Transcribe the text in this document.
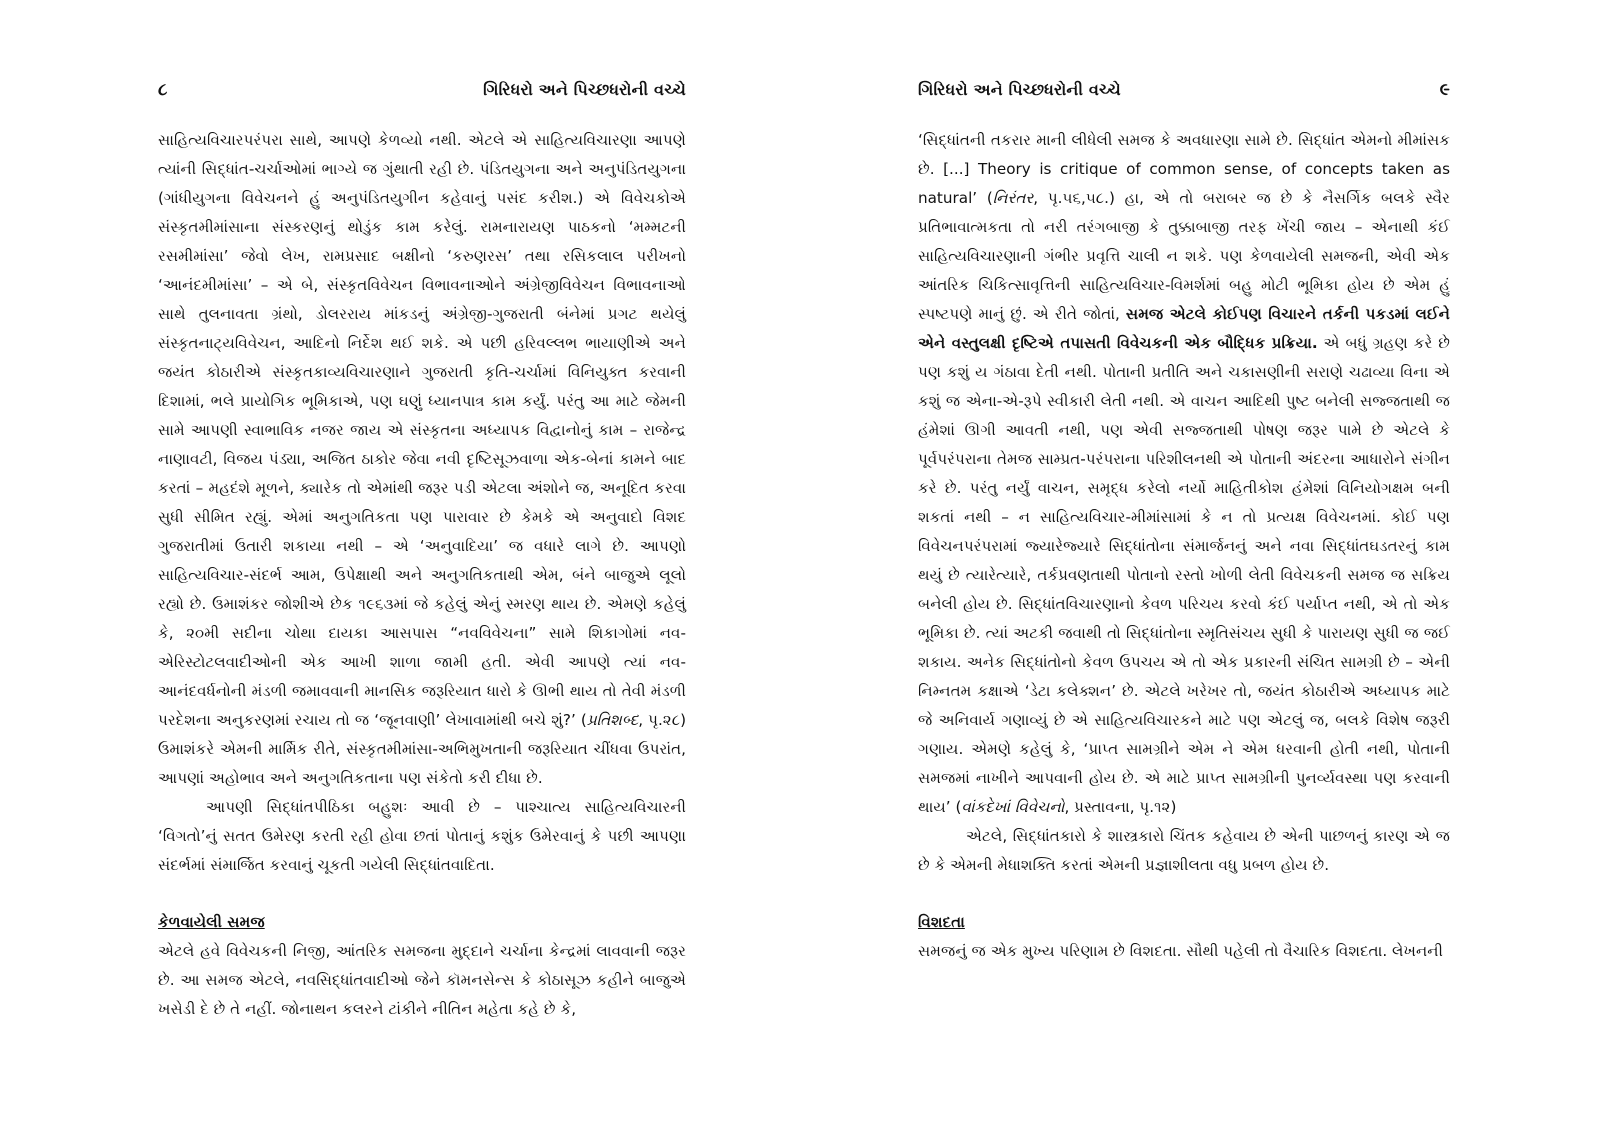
૮	ગિરિધરો અને પિચ્છધરોની વચ્ચે

સાહિત્યવિચારપરંપરા સાથે, આપણે કેળવ્યો નથી. એટલે એ સાહિત્યવિચારણા આપણે ત્યાંની સિદ્ધાંત-ચર્ચાઓમાં ભાગ્યે જ ગુંથાતી રહી છે. પંડિતયુગના અને અનુપંડિતયુગના (ગાંધીયુગના વિવેચનને હું અનુપંડિતયુગીન કહેવાનું પસંદ કરીશ.) એ વિવેચકોએ સંસ્કૃતમીમાંસાના સંસ્કરણનું થોડુંક કામ કરેલું. રામનારાયણ પાઠકનો ‘મમ્મટની રસમીમાંસા’ જેવો લેખ, રામપ્રસાદ બક્ષીનો ‘કરુણરસ’ તથા રસિકલાલ પરીખનો ‘આનંદમીમાંસા’ – એ બે, સંસ્કૃતવિવેચન વિભાવનાઓને અંગ્રેજીવિવેચન વિભાવનાઓ સાથે તુલનાવતા ગ્રંથો, ડોલરરાય માંકડનું અંગ્રેજી-ગુજરાતી બંનેમાં પ્રગટ થયેલું સંસ્કૃતનાટ્યવિવેચન, આદિનો નિર્દેશ થઈ શકે. એ પછી હરિવલ્લભ ભાયાણીએ અને જયંત કોઠારીએ સંસ્કૃતકાવ્યવિચારણાને ગુજરાતી કૃતિ-ચર્ચામાં વિનિયુક્ત કરવાની દિશામાં, ભલે પ્રાયોગિક ભૂમિકાએ, પણ ઘણું ધ્યાનપાત્ર કામ કર્યું. પરંતુ આ માટે જેમની સામે આપણી સ્વાભાવિક નજર જાય એ સંસ્કૃતના અધ્યાપક વિદ્વાનોનું કામ – રાજેન્દ્ર નાણાવટી, વિજય પંડ્યા, અજિત ઠાકોર જેવા નવી દૃષ્ટિસૂઝવાળા એક-બેનાં કામને બાદ કરતાં – મહદંશે મૂળને, ક્યારેક તો એમાંથી જરૂર પડી એટલા અંશોને જ, અનૂદિત કરવા સુધી સીમિત રહ્યું. એમાં અનુગતિકતા પણ પારાવાર છે કેમકે એ અનુવાદો વિશદ ગુજરાતીમાં ઉતારી શકાયા નથી – એ ‘અનુવાદિયા’ જ વધારે લાગે છે. આપણો સાહિત્યવિચાર-સંદર્ભ આમ, ઉપેક્ષાથી અને અનુગતિકતાથી એમ, બંને બાજુએ લૂલો રહ્યો છે. ઉમાશંકર જોશીએ છેક ૧૯૬૩માં જે કહેલું એનું સ્મરણ થાય છે. એમણે કહેલું કે, ૨૦મી સદીના ચોથા દાયકા આસપાસ “નવવિવેચના” સામે શિકાગોમાં નવ-એરિસ્ટોટલવાદીઓની એક આખી શાળા જામી હતી. એવી આપણે ત્યાં નવ-આનંદવર્ધનોની મંડળી જમાવવાની માનસિક જરૂરિયાત ધારો કે ઊભી થાય તો તેવી મંડળી પરદેશના અનુકરણમાં રચાય તો જ ‘જૂનવાણી’ લેખાવામાંથી બચે શું?’ (પ્રતિશબ્દ, પૃ.૨૮) ઉમાશંકરે એમની માર્મિક રીતે, સંસ્કૃતમીમાંસા-અભિમુખતાની જરૂરિયાત ચીંધવા ઉપરાંત, આપણાં અહોભાવ અને અનુગતિકતાના પણ સંકેતો કરી દીધા છે.

આપણી સિદ્ધાંતપીઠિકા બહુશઃ આવી છે – પાશ્ચાત્ય સાહિત્યવિચારની ‘વિગતો’નું સતત ઉમેરણ કરતી રહી હોવા છતાં પોતાનું કશુંક ઉમેરવાનું કે પછી આપણા સંદર્ભમાં સંમાર્જિત કરવાનું ચૂકતી ગયેલી સિદ્ધાંતવાદિતા.

કેળવાયેલી સમજ

એટલે હવે વિવેચકની નિજી, આંતરિક સમજના મુદ્દાને ચર્ચાના કેન્દ્રમાં લાવવાની જરૂર છે. આ સમજ એટલે, નવસિદ્ધાંતવાદીઓ જેને કૉમનસેન્સ કે કોઠાસૂઝ કહીને બાજુએ ખસેડી દે છે તે નહીં. જોનાથન કલરને ટાંકીને નીતિન મહેતા કહે છે કે,

ગિરિધરો અને પિચ્છધરોની વચ્ચે	૯

‘સિદ્ધાંતની તકરાર માની લીધેલી સમજ કે અવધારણા સામે છે. સિદ્ધાંત એમનો મીમાંસક છે. [...] Theory is critique of common sense, of concepts taken as natural’ (નિરંતર, પૃ.૫૬,૫૮.) હા, એ તો બરાબર જ છે કે નૈસર્ગિક બલકે સ્વૈર પ્રતિભાવાત્મકતા તો નરી તરંગબાજી કે તુક્કાબાજી તરફ ખેંચી જાય – એનાથી કંઈ સાહિત્યવિચારણાની ગંભીર પ્રવૃત્તિ ચાલી ન શકે. પણ કેળવાયેલી સમજની, એવી એક આંતરિક ચિકિત્સાવૃત્તિની સાહિત્યવિચાર-વિમર્શમાં બહુ મોટી ભૂમિકા હોય છે એમ હું સ્પષ્ટપણે માનું છું. એ રીતે જોતાં, સમજ એટલે કોઈપણ વિચારને તર્કની પકડમાં લઈને એને વસ્તુલક્ષી દૃષ્ટિએ તપાસતી વિવેચકની એક બૌદ્ધિક પ્રક્રિયા. એ બધું ગ્રહણ કરે છે પણ કશું ય ગંઠાવા દેતી નથી. પોતાની પ્રતીતિ અને ચકાસણીની સરાણે ચઢાવ્યા વિના એ કશું જ એના-એ-રૂપે સ્વીકારી લેતી નથી. એ વાચન આદિથી પુષ્ટ બનેલી સજ્જતાથી જ હંમેશાં ઊગી આવતી નથી, પણ એવી સજ્જતાથી પોષણ જરૂર પામે છે એટલે કે પૂર્વપરંપરાના તેમજ સામ્પ્રત-પરંપરાના પરિશીલનથી એ પોતાની અંદરના આધારોને સંગીન કરે છે. પરંતુ નર્યું વાચન, સમૃદ્ધ કરેલો નર્યો માહિતીકોશ હંમેશાં વિનિયોગક્ષમ બની શકતાં નથી – ન સાહિત્યવિચાર-મીમાંસામાં કે ન તો પ્રત્યક્ષ વિવેચનમાં. કોઈ પણ વિવેચનપરંપરામાં જ્યારેજ્યારે સિદ્ધાંતોના સંમાર્જનનું અને નવા સિદ્ધાંતઘડતરનું કામ થયું છે ત્યારેત્યારે, તર્કપ્રવણતાથી પોતાનો રસ્તો ખોળી લેતી વિવેચકની સમજ જ સક્રિય બનેલી હોય છે. સિદ્ધાંતવિચારણાનો કેવળ પરિચય કરવો કંઈ પર્યાપ્ત નથી, એ તો એક ભૂમિકા છે. ત્યાં અટકી જવાથી તો સિદ્ધાંતોના સ્મૃતિસંચય સુધી કે પારાયણ સુધી જ જઈ શકાય. અનેક સિદ્ધાંતોનો કેવળ ઉપચય એ તો એક પ્રકારની સંચિત સામગ્રી છે – એની નિમ્નતમ કક્ષાએ ‘ડેટા કલેક્શન’ છે. એટલે ખરેખર તો, જયંત કોઠારીએ અધ્યાપક માટે જે અનિવાર્ય ગણાવ્યું છે એ સાહિત્યવિચારકને માટે પણ એટલું જ, બલકે વિશેષ જરૂરી ગણાય. એમણે કહેલું કે, ‘પ્રાપ્ત સામગ્રીને એમ ને એમ ધરવાની હોતી નથી, પોતાની સમજમાં નાખીને આપવાની હોય છે. એ માટે પ્રાપ્ત સામગ્રીની પુનર્વ્યવસ્થા પણ કરવાની થાય’ (વાંકદેખાં વિવેચનો, પ્રસ્તાવના, પૃ.૧૨)

એટલે, સિદ્ધાંતકારો કે શાસ્ત્રકારો ચિંતક કહેવાય છે એની પાછળનું કારણ એ જ છે કે એમની મેધાશક્તિ કરતાં એમની પ્રજ્ઞાશીલતા વધુ પ્રબળ હોય છે.

વિશદતા

સમજનું જ એક મુખ્ય પરિણામ છે વિશદતા. સૌથી પહેલી તો વૈચારિક વિશદતા. લેખનની
